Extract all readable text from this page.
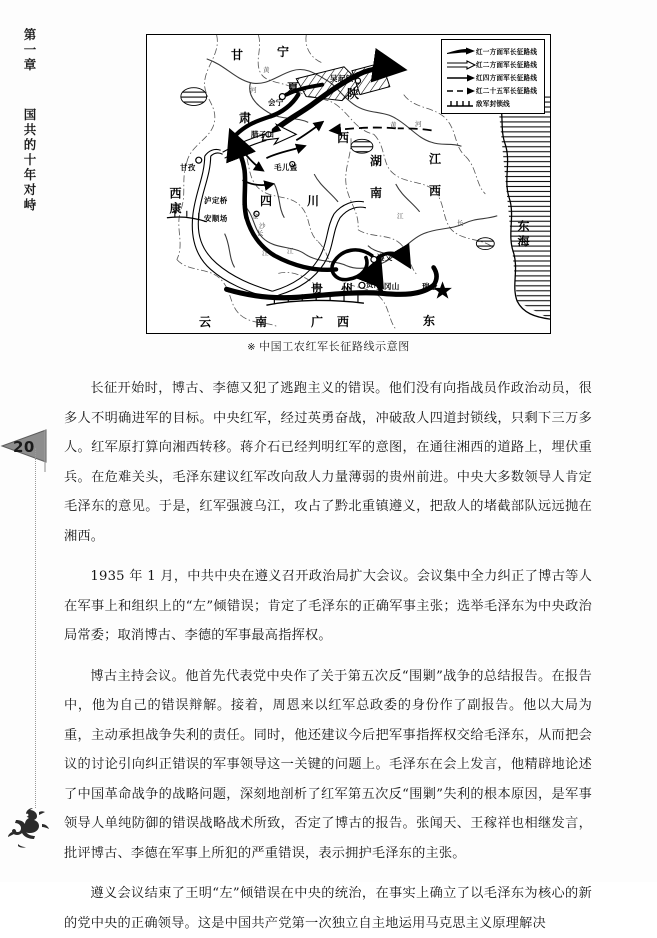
第一章  国共的十年对峙
20
甘	宁
夏
肃
陕
西
四	川
湖
南
江
西
云	南	广 西	东
贵 州
西康
东海
吴起镇
会宁
腊子口
毛儿盖
甘孜
泸定桥
安顺场
遵义
贵阳
井冈山	瑞金
黄
河
黄	河
长
江
金
沙
江
江
长
红一方面军长征路线
红二方面军长征路线
红四方面军长征路线
红二十五军长征路线
敌军封锁线
※ 中国工农红军长征路线示意图

长征开始时，博古、李德又犯了逃跑主义的错误。他们没有向指战员作政治动员，很多人不明确进军的目标。中央红军，经过英勇奋战，冲破敌人四道封锁线，只剩下三万多人。红军原打算向湘西转移。蒋介石已经判明红军的意图，在通往湘西的道路上，埋伏重兵。在危难关头，毛泽东建议红军改向敌人力量薄弱的贵州前进。中央大多数领导人肯定毛泽东的意见。于是，红军强渡乌江，攻占了黔北重镇遵义，把敌人的堵截部队远远抛在湘西。

1935 年 1 月，中共中央在遵义召开政治局扩大会议。会议集中全力纠正了博古等人在军事上和组织上的“左”倾错误；肯定了毛泽东的正确军事主张；选举毛泽东为中央政治局常委；取消博古、李德的军事最高指挥权。

博古主持会议。他首先代表党中央作了关于第五次反“围剿”战争的总结报告。在报告中，他为自己的错误辩解。接着，周恩来以红军总政委的身份作了副报告。他以大局为重，主动承担战争失利的责任。同时，他还建议今后把军事指挥权交给毛泽东，从而把会议的讨论引向纠正错误的军事领导这一关键的问题上。毛泽东在会上发言，他精辟地论述了中国革命战争的战略问题，深刻地剖析了红军第五次反“围剿”失利的根本原因，是军事领导人单纯防御的错误战略战术所致，否定了博古的报告。张闻天、王稼祥也相继发言，批评博古、李德在军事上所犯的严重错误，表示拥护毛泽东的主张。

遵义会议结束了王明“左”倾错误在中央的统治，在事实上确立了以毛泽东为核心的新的党中央的正确领导。这是中国共产党第一次独立自主地运用马克思主义原理解决
